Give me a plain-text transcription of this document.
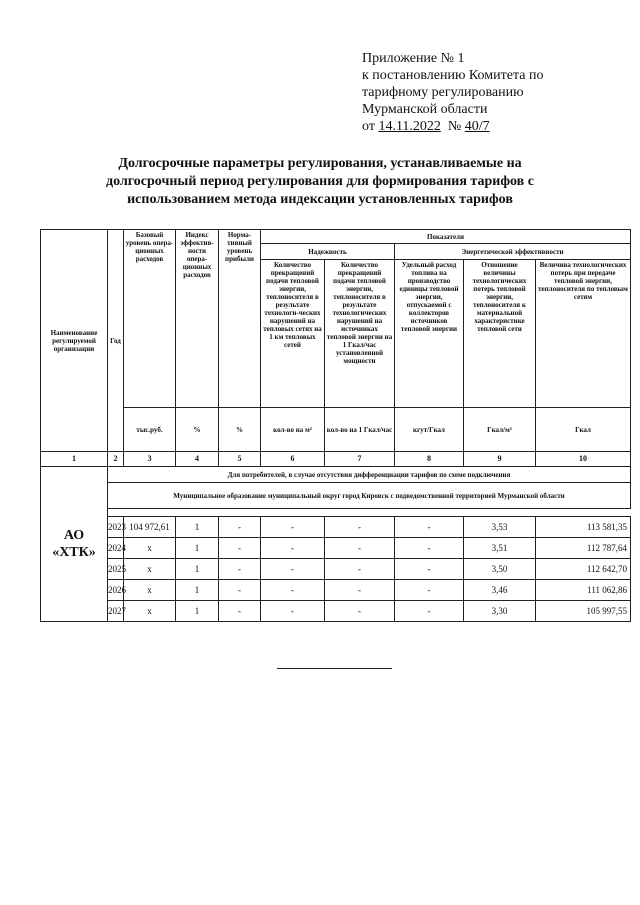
Приложение № 1
к постановлению Комитета по
тарифному регулированию
Мурманской области
от 14.11.2022 № 40/7
Долгосрочные параметры регулирования, устанавливаемые на
долгосрочный период регулирования для формирования тарифов с
использованием метода индексации установленных тарифов
Наименование регулируемой организации	Год	Базовый уровень опера-ционных расходов	Индекс эффектив-ности опера-ционных расходов	Норма-тивный уровень прибыли	Показатели				
					Надежность		Энергетической эффективности		
					Количество прекращений подачи тепловой энергии, теплоносителя в результате технологи-ческих нарушений на тепловых сетях на 1 км тепловых сетей	Количество прекращений подачи тепловой энергии, теплоносителя в результате технологических нарушений на источниках тепловой энергии на 1 Гкал/час установленной мощности	Удельный расход топлива на производство единицы тепловой энергии, отпускаемой с коллекторов источников тепловой энергии	Отношение величины технологических потерь тепловой энергии, теплоносителя к материальной характеристике тепловой сети	Величина технологических потерь при передаче тепловой энергии, теплоносителя по тепловым сетям
		тыс.руб.	%	%	кол-во на м²	кол-во на 1 Гкал/час	кгут/Гкал	Гкал/м²	Гкал
1	2	3	4	5	6	7	8	9	10
АО «ХТК»	Для потребителей, в случае отсутствия дифференциации тарифов по схеме подключения								
	Муниципальное образование муниципальный округ город Кировск с подведомственной территорией Мурманской области								

	2023	104 972,61	1	-	-	-	-	3,53	113 581,35
	2024	х	1	-	-	-	-	3,51	112 787,64
	2025	х	1	-	-	-	-	3,50	112 642,70
	2026	х	1	-	-	-	-	3,46	111 062,86
	2027	х	1	-	-	-	-	3,30	105 997,55
